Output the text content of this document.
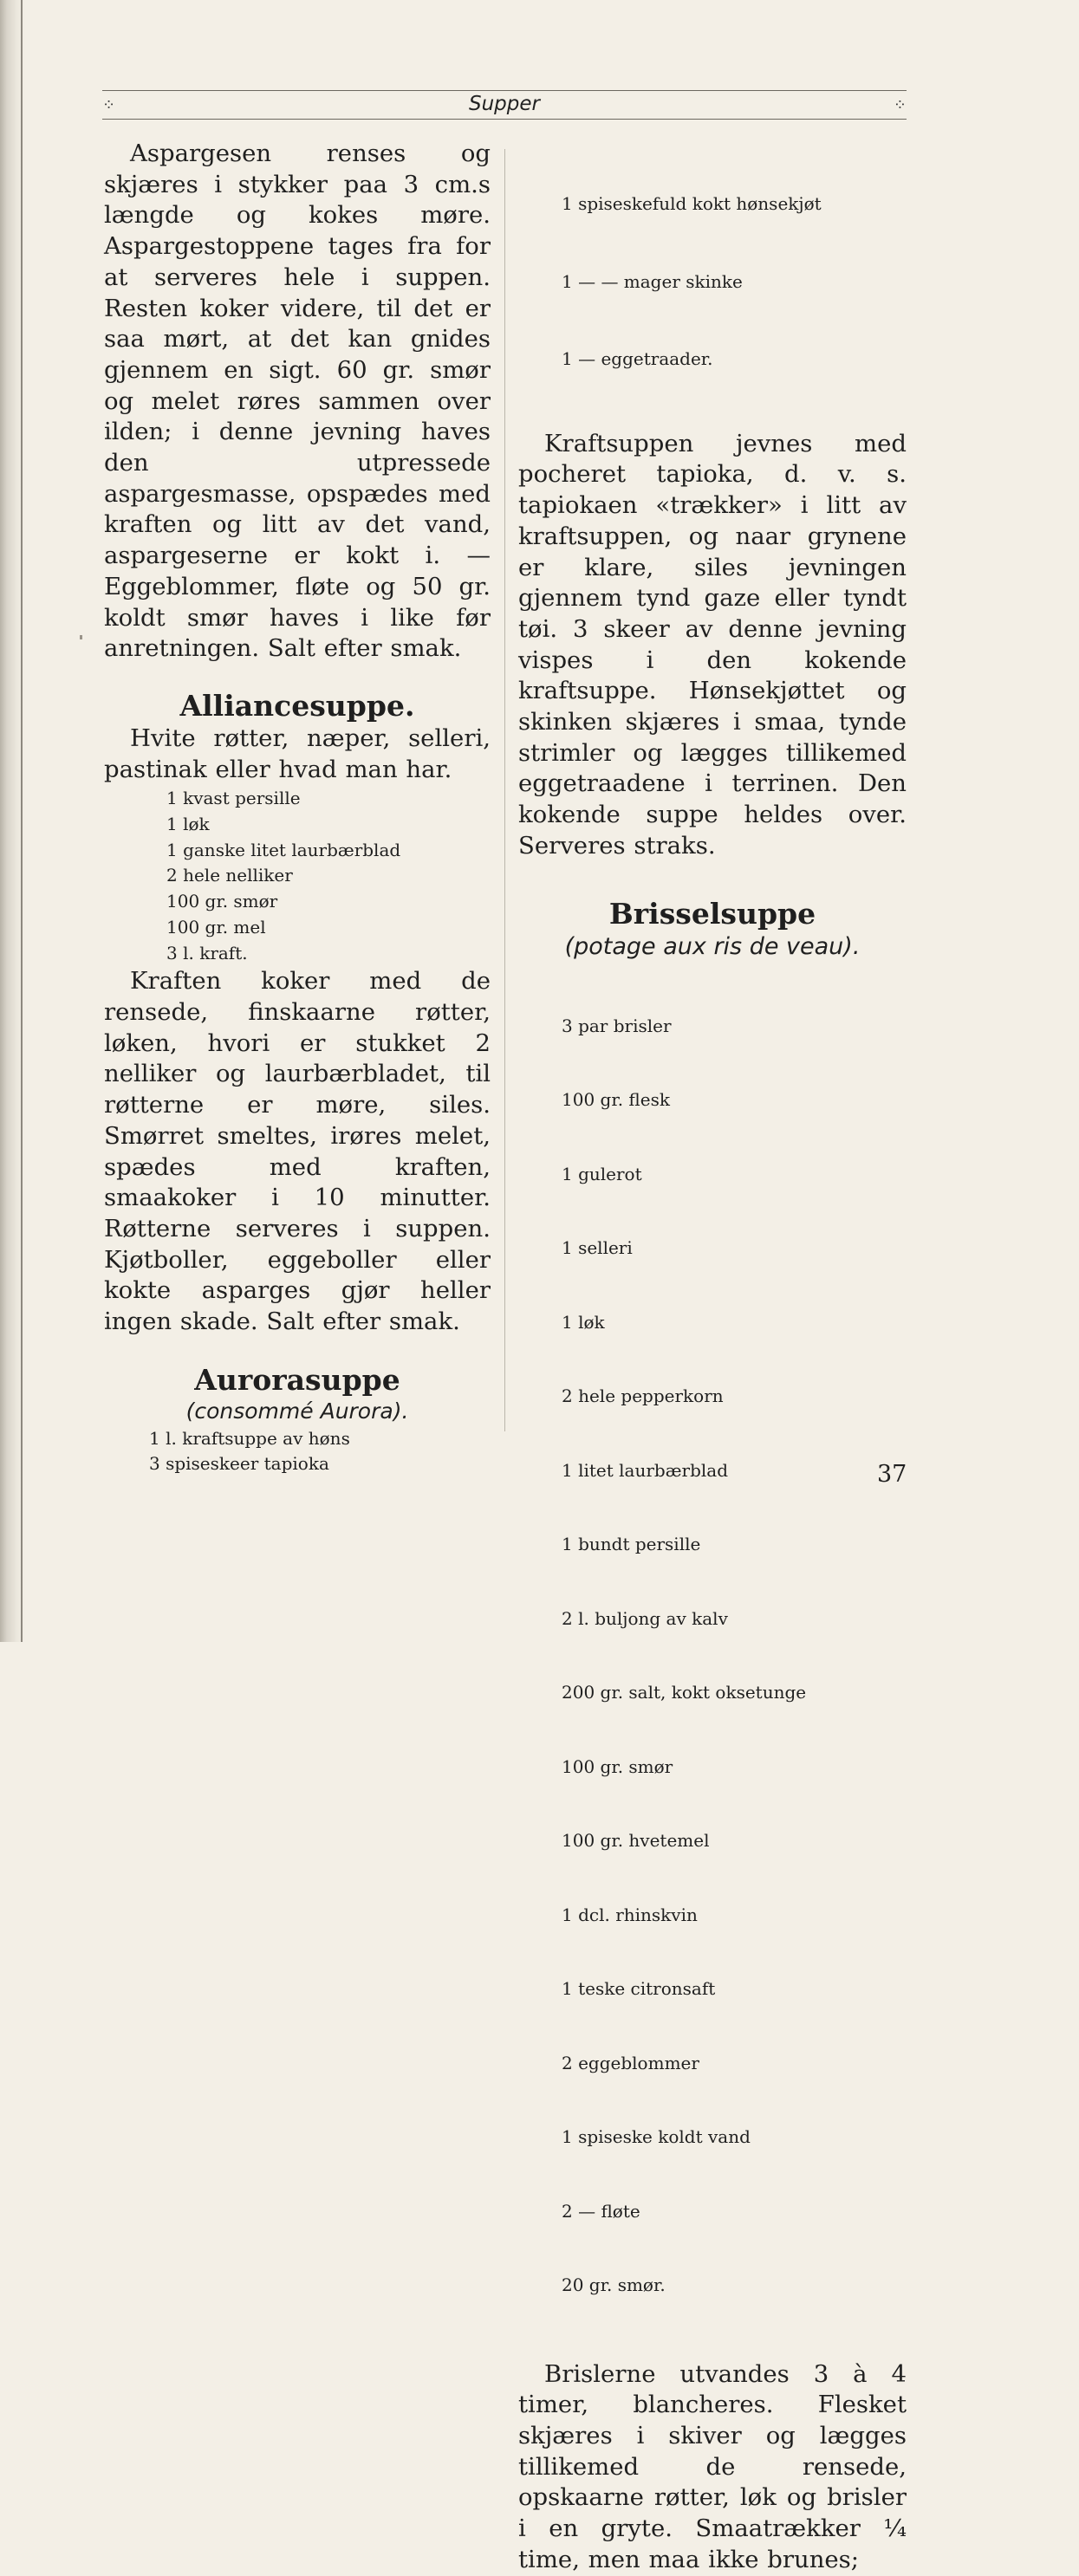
⁘	Supper	⁘

Aspargesen renses og skjæres i stykker paa 3 cm.s længde og kokes møre. Aspargestoppene tages fra for at serveres hele i suppen. Resten koker videre, til det er saa mørt, at det kan gnides gjennem en sigt. 60 gr. smør og melet røres sammen over ilden; i denne jevning haves den utpressede aspargesmasse, opspædes med kraften og litt av det vand, aspargeserne er kokt i. — Eggeblommer, fløte og 50 gr. koldt smør haves i like før anretningen. Salt efter smak.

Alliancesuppe.

Hvite røtter, næper, selleri, pastinak eller hvad man har.

1 kvast persille
1 løk
1 ganske litet laurbærblad
2 hele nelliker
100 gr. smør
100 gr. mel
3 l. kraft.

Kraften koker med de rensede, finskaarne røtter, løken, hvori er stukket 2 nelliker og laurbærbladet, til røtterne er møre, siles. Smørret smeltes, irøres melet, spædes med kraften, smaakoker i 10 minutter. Røtterne serveres i suppen. Kjøtboller, eggeboller eller kokte asparges gjør heller ingen skade. Salt efter smak.

Aurorasuppe

(consommé Aurora).

1 l. kraftsuppe av høns
3 spiseskeer tapioka

1 spiseskefuld kokt hønsekjøt

1 — — mager skinke

1 — eggetraader.

Kraftsuppen jevnes med pocheret tapioka, d. v. s. tapiokaen «trækker» i litt av kraftsuppen, og naar grynene er klare, siles jevningen gjennem tynd gaze eller tyndt tøi. 3 skeer av denne jevning vispes i den kokende kraftsuppe. Hønsekjøttet og skinken skjæres i smaa, tynde strimler og lægges tillikemed eggetraadene i terrinen. Den kokende suppe heldes over. Serveres straks.

Brisselsuppe

(potage aux ris de veau).

3 par brisler

100 gr. flesk

1 gulerot

1 selleri

1 løk

2 hele pepperkorn

1 litet laurbærblad

1 bundt persille

2 l. buljong av kalv

200 gr. salt, kokt oksetunge

100 gr. smør

100 gr. hvetemel

1 dcl. rhinskvin

1 teske citronsaft

2 eggeblommer

1 spiseske koldt vand

2 — fløte

20 gr. smør.

Brislerne utvandes 3 à 4 timer, blancheres. Flesket skjæres i skiver og lægges tillikemed de rensede, opskaarne røtter, løk og brisler i en gryte. Smaatrækker ¼ time, men maa ikke brunes;

37
